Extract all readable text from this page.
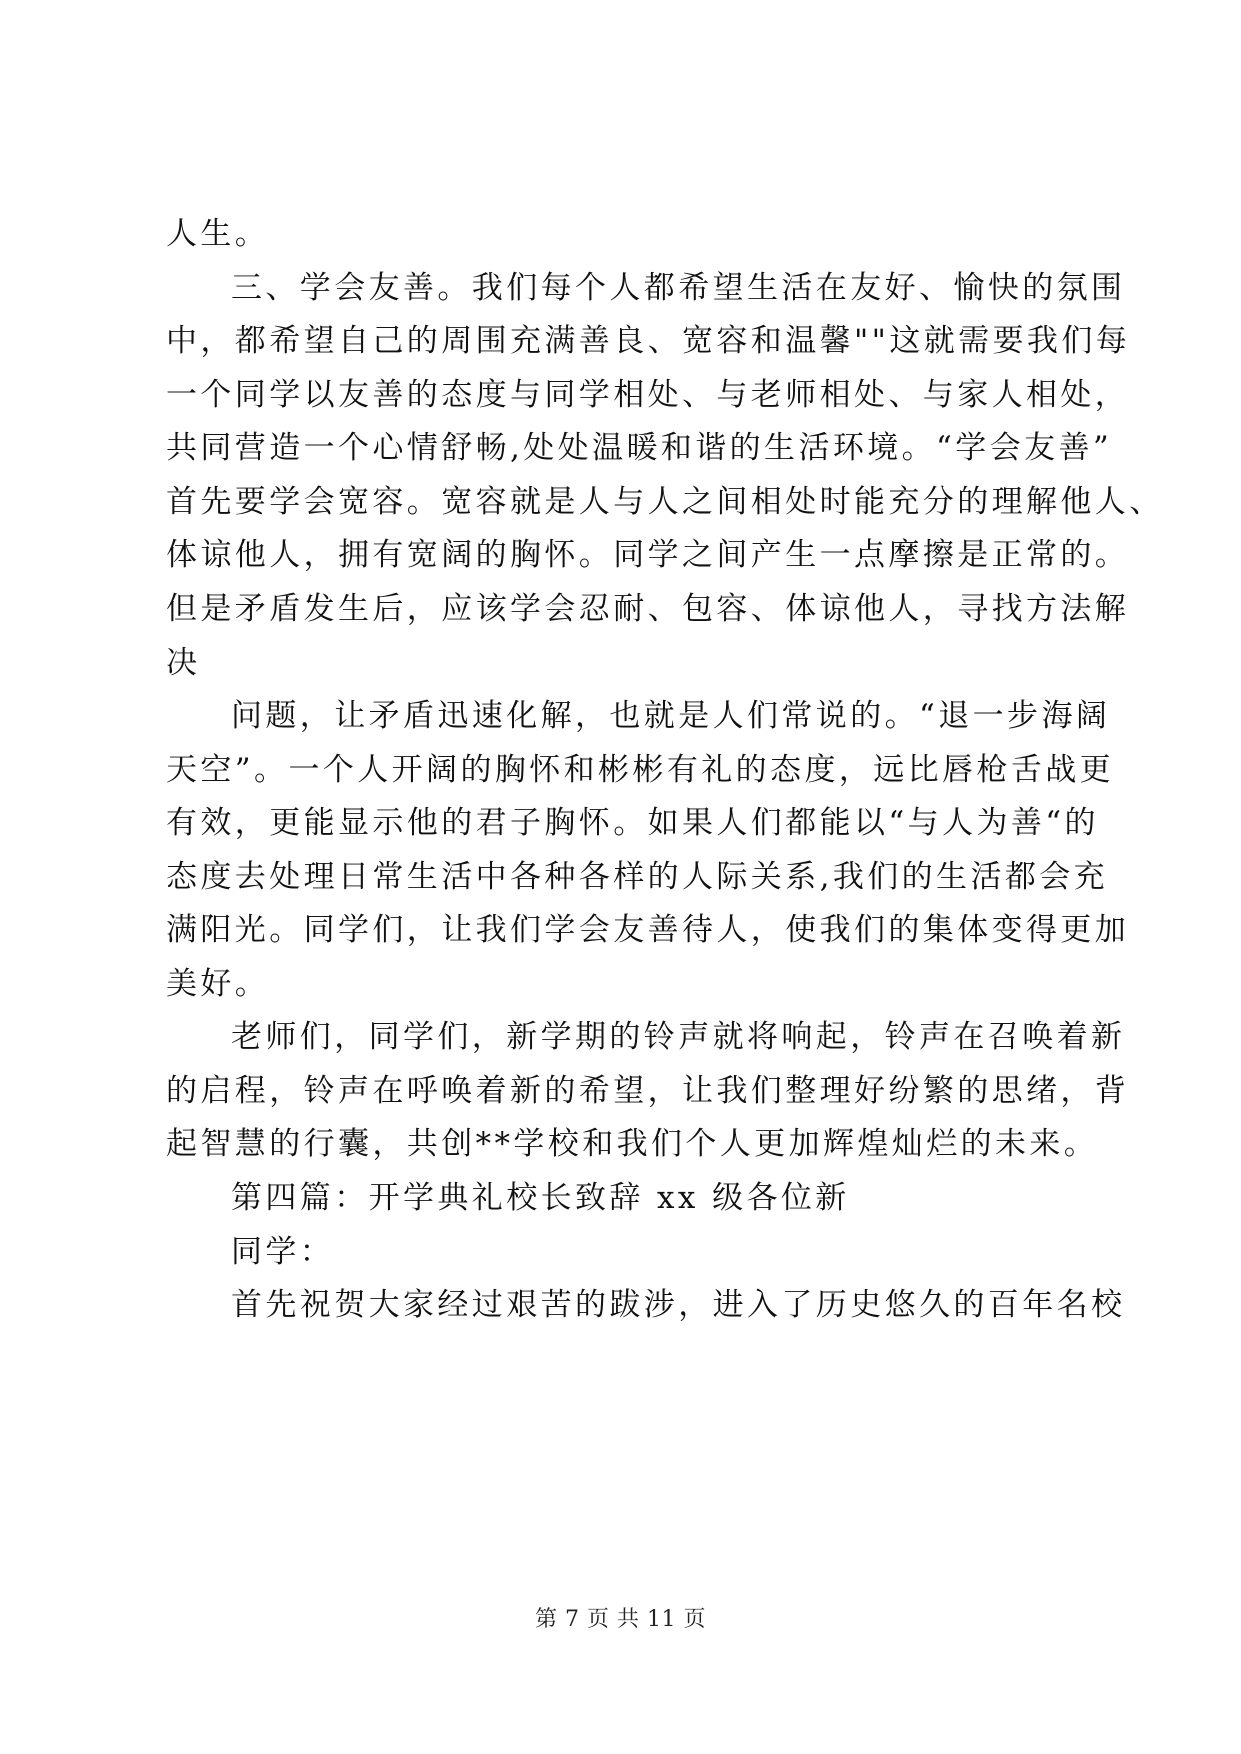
人生。
三、学会友善。我们每个人都希望生活在友好、愉快的氛围
中，都希望自己的周围充满善良、宽容和温馨""这就需要我们每
一个同学以友善的态度与同学相处、与老师相处、与家人相处，
共同营造一个心情舒畅,处处温暖和谐的生活环境。“学会友善”
首先要学会宽容。宽容就是人与人之间相处时能充分的理解他人、
体谅他人，拥有宽阔的胸怀。同学之间产生一点摩擦是正常的。
但是矛盾发生后，应该学会忍耐、包容、体谅他人，寻找方法解
决
问题，让矛盾迅速化解，也就是人们常说的。“退一步海阔
天空”。一个人开阔的胸怀和彬彬有礼的态度，远比唇枪舌战更
有效，更能显示他的君子胸怀。如果人们都能以“与人为善“的
态度去处理日常生活中各种各样的人际关系,我们的生活都会充
满阳光。同学们，让我们学会友善待人，使我们的集体变得更加
美好。
老师们，同学们，新学期的铃声就将响起，铃声在召唤着新
的启程，铃声在呼唤着新的希望，让我们整理好纷繁的思绪，背
起智慧的行囊，共创**学校和我们个人更加辉煌灿烂的未来。
第四篇：开学典礼校长致辞 xx 级各位新
同学：
首先祝贺大家经过艰苦的跋涉，进入了历史悠久的百年名校
第 7 页 共 11 页
